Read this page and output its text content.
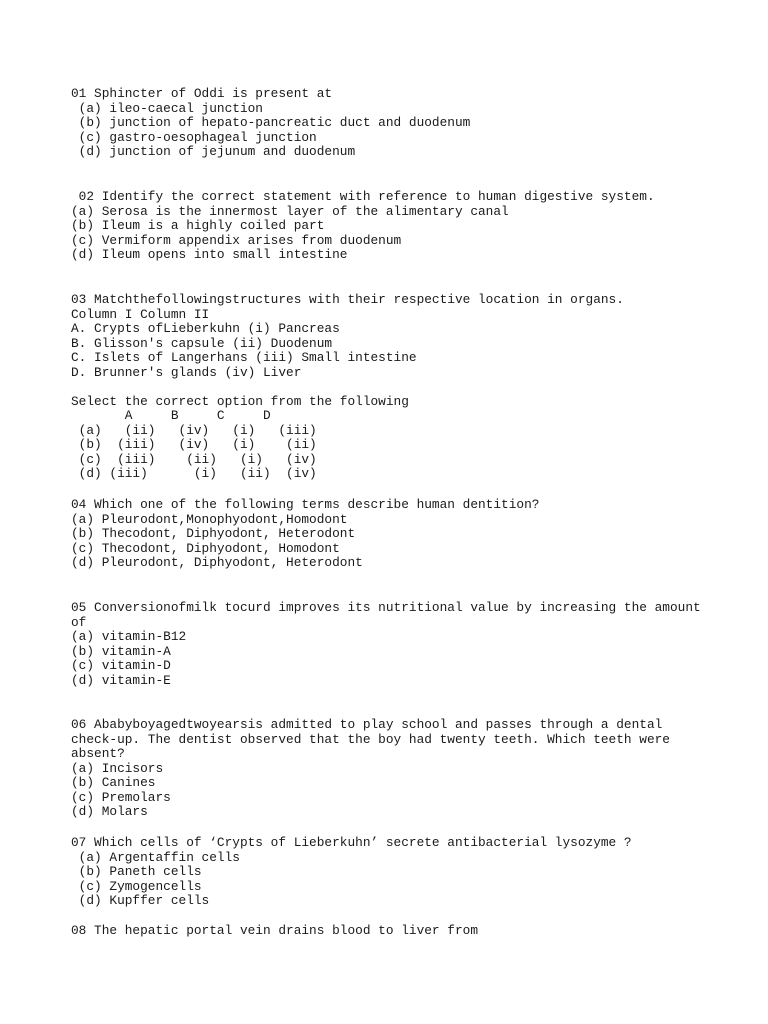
01 Sphincter of Oddi is present at
(a) ileo-caecal junction
(b) junction of hepato-pancreatic duct and duodenum
(c) gastro-oesophageal junction
(d) junction of jejunum and duodenum
02 Identify the correct statement with reference to human digestive system.
(a) Serosa is the innermost layer of the alimentary canal
(b) Ileum is a highly coiled part
(c) Vermiform appendix arises from duodenum
(d) Ileum opens into small intestine
03 Matchthefollowingstructures with their respective location in organs.
Column I Column II
A. Crypts ofLieberkuhn (i) Pancreas
B. Glisson's capsule (ii) Duodenum
C. Islets of Langerhans (iii) Small intestine
D. Brunner's glands (iv) Liver
Select the correct option from the following
A     B     C     D
(a)   (ii)   (iv)   (i)   (iii)
(b)  (iii)   (iv)   (i)    (ii)
(c)  (iii)    (ii)   (i)   (iv)
(d) (iii)      (i)   (ii)  (iv)
04 Which one of the following terms describe human dentition?
(a) Pleurodont,Monophyodont,Homodont
(b) Thecodont, Diphyodont, Heterodont
(c) Thecodont, Diphyodont, Homodont
(d) Pleurodont, Diphyodont, Heterodont
05 Conversionofmilk tocurd improves its nutritional value by increasing the amount of
(a) vitamin-B12
(b) vitamin-A
(c) vitamin-D
(d) vitamin-E
06 Ababyboyagedtwoyearsis admitted to play school and passes through a dental check-up. The dentist observed that the boy had twenty teeth. Which teeth were absent?
(a) Incisors
(b) Canines
(c) Premolars
(d) Molars
07 Which cells of ‘Crypts of Lieberkuhn’ secrete antibacterial lysozyme ?
(a) Argentaffin cells
(b) Paneth cells
(c) Zymogencells
(d) Kupffer cells
08 The hepatic portal vein drains blood to liver from
